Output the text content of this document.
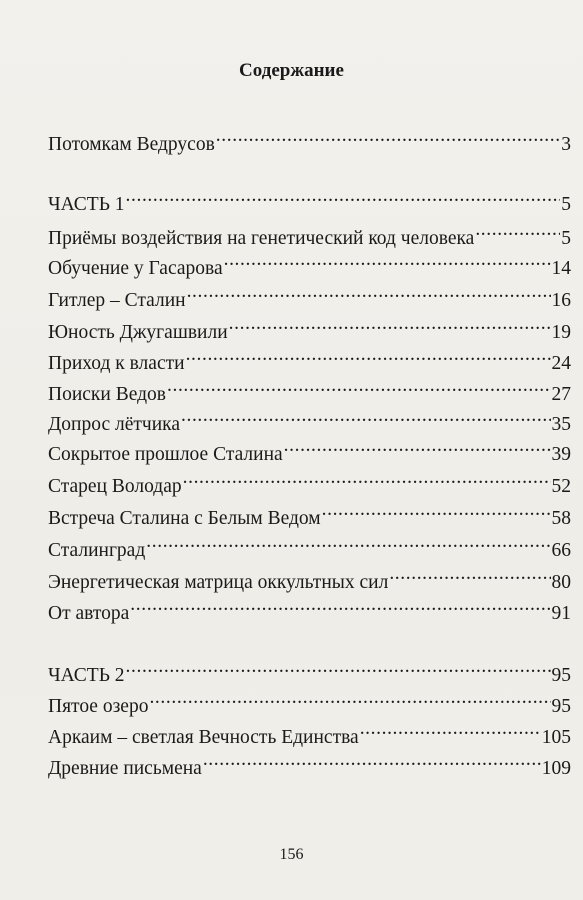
Содержание
Потомкам Ведрусов .....	3
ЧАСТЬ 1 .....	5
Приёмы воздействия на генетический код человека .....	5
Обучение у Гасарова .....	14
Гитлер – Сталин .....	16
Юность Джугашвили .....	19
Приход к власти .....	24
Поиски Ведов .....	27
Допрос лётчика .....	35
Сокрытое прошлое Сталина .....	39
Старец Володар .....	52
Встреча Сталина с Белым Ведом .....	58
Сталинград .....	66
Энергетическая матрица оккультных сил .....	80
От автора .....	91
ЧАСТЬ 2 .....	95
Пятое озеро .....	95
Аркаим – светлая Вечность Единства .....	105
Древние письмена .....	109
156
